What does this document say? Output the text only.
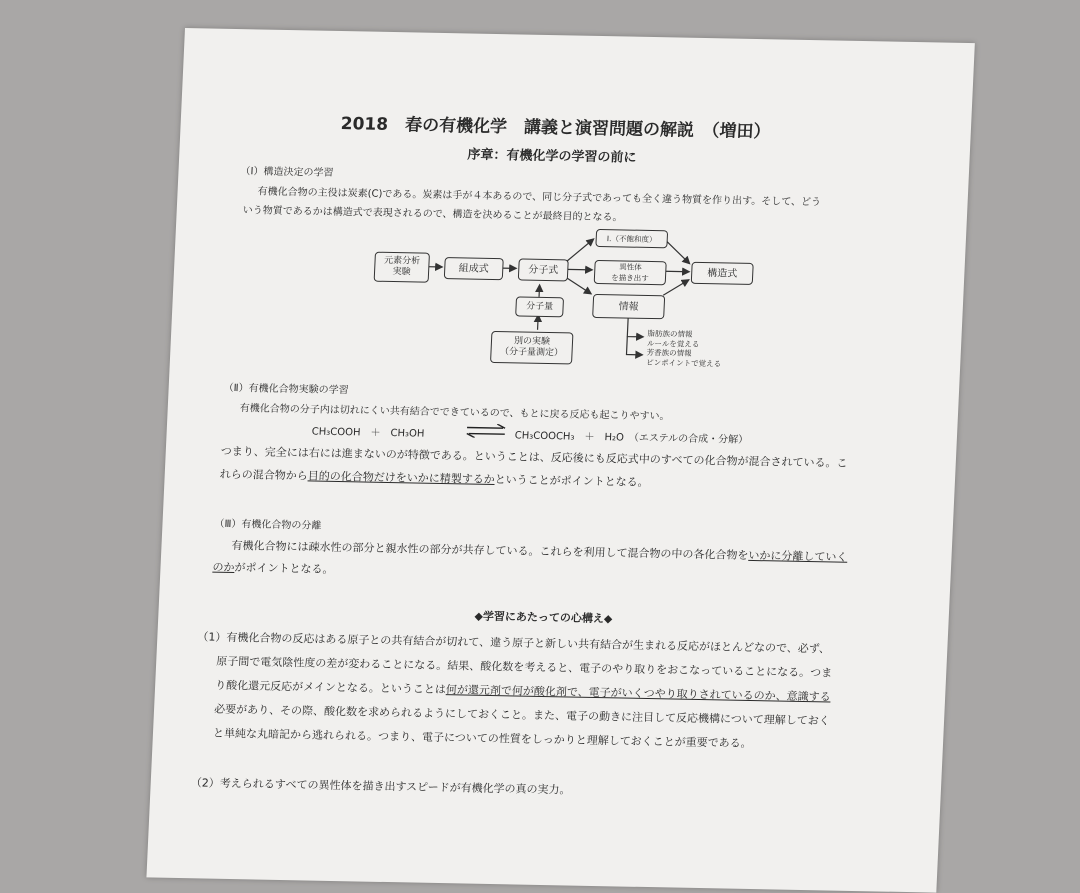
2018　春の有機化学　講義と演習問題の解説　（増田）
序章：有機化学の学習の前に
（Ⅰ）構造決定の学習
有機化合物の主役は炭素(C)である。炭素は手が４本あるので、同じ分子式であっても全く違う物質を作り出す。そして、どう
いう物質であるかは構造式で表現されるので、構造を決めることが最終目的となる。
元素分析
実験	組成式	分子式
I.（不飽和度）
異性体
を描き出す	構造式
分子量	情報
別の実験
（分子量測定）
脂肪族の情報
ルールを覚える
芳香族の情報
ピンポイントで覚える
（Ⅱ）有機化合物実験の学習
有機化合物の分子内は切れにくい共有結合でできているので、もとに戻る反応も起こりやすい。
CH₃COOH　＋　CH₃OH ⇌ CH₃COOCH₃　＋　H₂O　（エステルの合成・分解）
つまり、完全には右には進まないのが特徴である。ということは、反応後にも反応式中のすべての化合物が混合されている。こ
れらの混合物から目的の化合物だけをいかに精製するかということがポイントとなる。
（Ⅲ）有機化合物の分離
有機化合物には疎水性の部分と親水性の部分が共存している。これらを利用して混合物の中の各化合物をいかに分離していく
のかがポイントとなる。
◆学習にあたっての心構え◆
（1）有機化合物の反応はある原子との共有結合が切れて、違う原子と新しい共有結合が生まれる反応がほとんどなので、必ず、
原子間で電気陰性度の差が変わることになる。結果、酸化数を考えると、電子のやり取りをおこなっていることになる。つま
り酸化還元反応がメインとなる。ということは何が還元剤で何が酸化剤で、電子がいくつやり取りされているのか、意識する
必要があり、その際、酸化数を求められるようにしておくこと。また、電子の動きに注目して反応機構について理解しておく
と単純な丸暗記から逃れられる。つまり、電子についての性質をしっかりと理解しておくことが重要である。
（2）考えられるすべての異性体を描き出すスピードが有機化学の真の実力。
